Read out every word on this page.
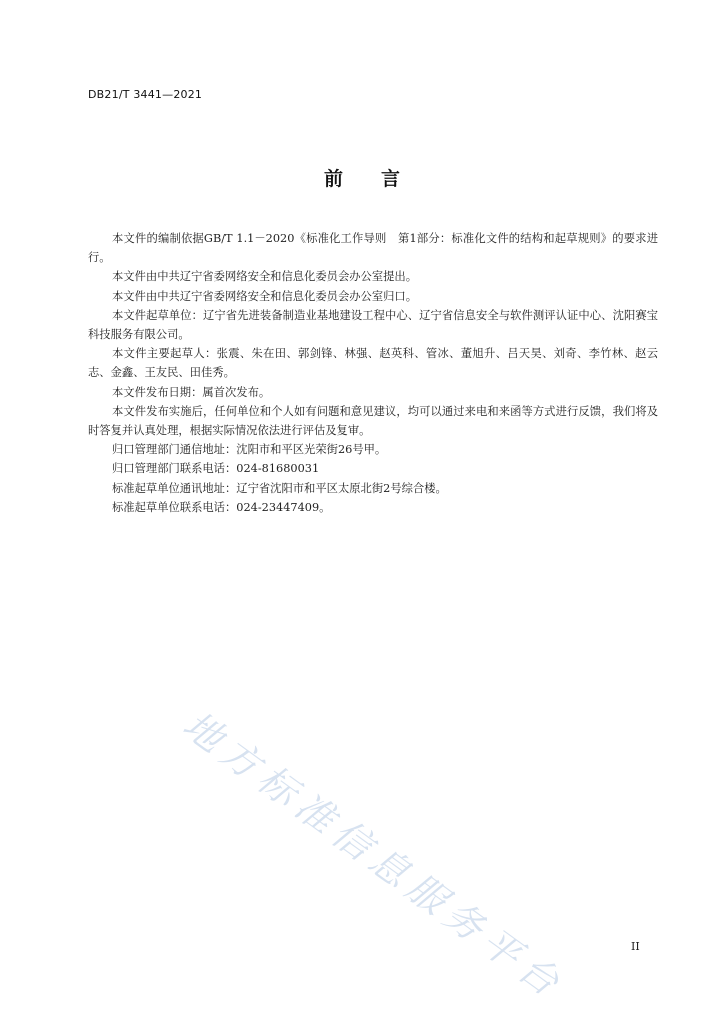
DB21/T 3441—2021
前 言

本文件的编制依据GB/T 1.1－2020《标准化工作导则　第1部分：标准化文件的结构和起草规则》的要求进行。

本文件由中共辽宁省委网络安全和信息化委员会办公室提出。

本文件由中共辽宁省委网络安全和信息化委员会办公室归口。

本文件起草单位：辽宁省先进装备制造业基地建设工程中心、辽宁省信息安全与软件测评认证中心、沈阳赛宝科技服务有限公司。

本文件主要起草人：张震、朱在田、郭剑锋、林强、赵英科、管冰、董旭升、吕天昊、刘奇、李竹林、赵云志、金鑫、王友民、田佳秀。

本文件发布日期：属首次发布。

本文件发布实施后，任何单位和个人如有问题和意见建议，均可以通过来电和来函等方式进行反馈，我们将及时答复并认真处理，根据实际情况依法进行评估及复审。

归口管理部门通信地址：沈阳市和平区光荣街26号甲。

归口管理部门联系电话：024-81680031

标准起草单位通讯地址：辽宁省沈阳市和平区太原北街2号综合楼。

标准起草单位联系电话：024-23447409。

地方标准信息服务平台	II
